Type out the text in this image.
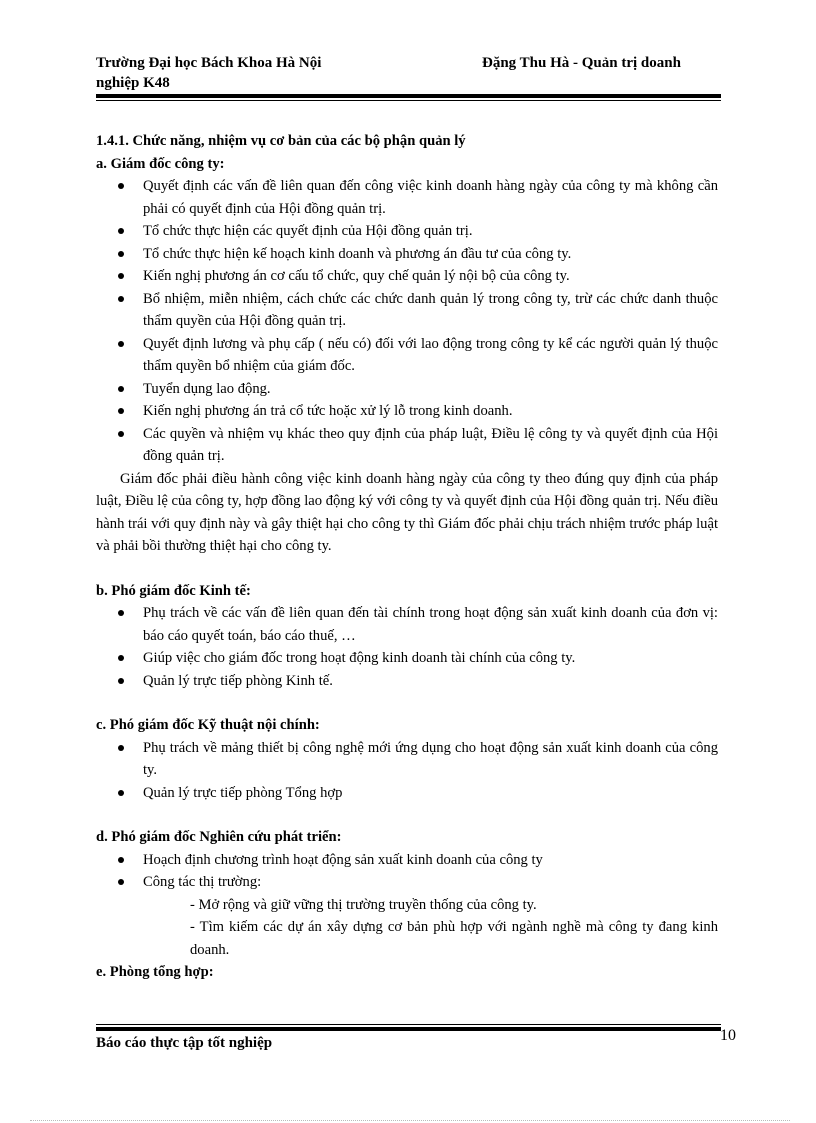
Trường Đại học Bách Khoa Hà Nội	Đặng Thu Hà - Quản trị doanh
nghiệp K48

1.4.1. Chức năng, nhiệm vụ cơ bản của các bộ phận quản lý

a. Giám đốc công ty:

Quyết định các vấn đề liên quan đến công việc kinh doanh hàng ngày của công ty mà không cần phải có quyết định của Hội đồng quản trị.
Tổ chức thực hiện các quyết định của Hội đồng quản trị.
Tổ chức thực hiện kế hoạch kinh doanh và phương án đầu tư của công ty.
Kiến nghị phương án cơ cấu tổ chức, quy chế quản lý nội bộ của công ty.
Bổ nhiệm, miễn nhiệm, cách chức các chức danh quản lý trong công ty, trừ các chức danh thuộc thẩm quyền của Hội đồng quản trị.
Quyết định lương và phụ cấp ( nếu có) đối với lao động trong công ty kể các người quản lý thuộc thẩm quyền bổ nhiệm của giám đốc.
Tuyển dụng lao động.
Kiến nghị phương án trả cổ tức hoặc xử lý lỗ trong kinh doanh.
Các quyền và nhiệm vụ khác theo quy định của pháp luật, Điều lệ công ty và quyết định của Hội đồng quản trị.

Giám đốc phải điều hành công việc kinh doanh hàng ngày của công ty theo đúng quy định của pháp luật, Điều lệ của công ty, hợp đồng lao động ký với công ty và quyết định của Hội đồng quản trị. Nếu điều hành trái với quy định này và gây thiệt hại cho công ty thì Giám đốc phải chịu trách nhiệm trước pháp luật và phải bồi thường thiệt hại cho công ty.

b. Phó giám đốc Kinh tế:

Phụ trách về các vấn đề liên quan đến tài chính trong hoạt động sản xuất kinh doanh của đơn vị: báo cáo quyết toán, báo cáo thuế, …
Giúp việc cho giám đốc trong hoạt động kinh doanh tài chính của công ty.
Quản lý trực tiếp phòng Kinh tế.

c. Phó giám đốc Kỹ thuật nội chính:

Phụ trách về mảng thiết bị công nghệ mới ứng dụng cho hoạt động sản xuất kinh doanh của công ty.
Quản lý trực tiếp phòng Tổng hợp

d. Phó giám đốc Nghiên cứu phát triển:

Hoạch định chương trình hoạt động sản xuất kinh doanh của công ty
Công tác thị trường:

- Mở rộng và giữ vững thị trường truyền thống của công ty.

- Tìm kiếm các dự án xây dựng cơ bản phù hợp với ngành nghề mà công ty đang kinh doanh.

e. Phòng tổng hợp:

Báo cáo thực tập tốt nghiệp	10
